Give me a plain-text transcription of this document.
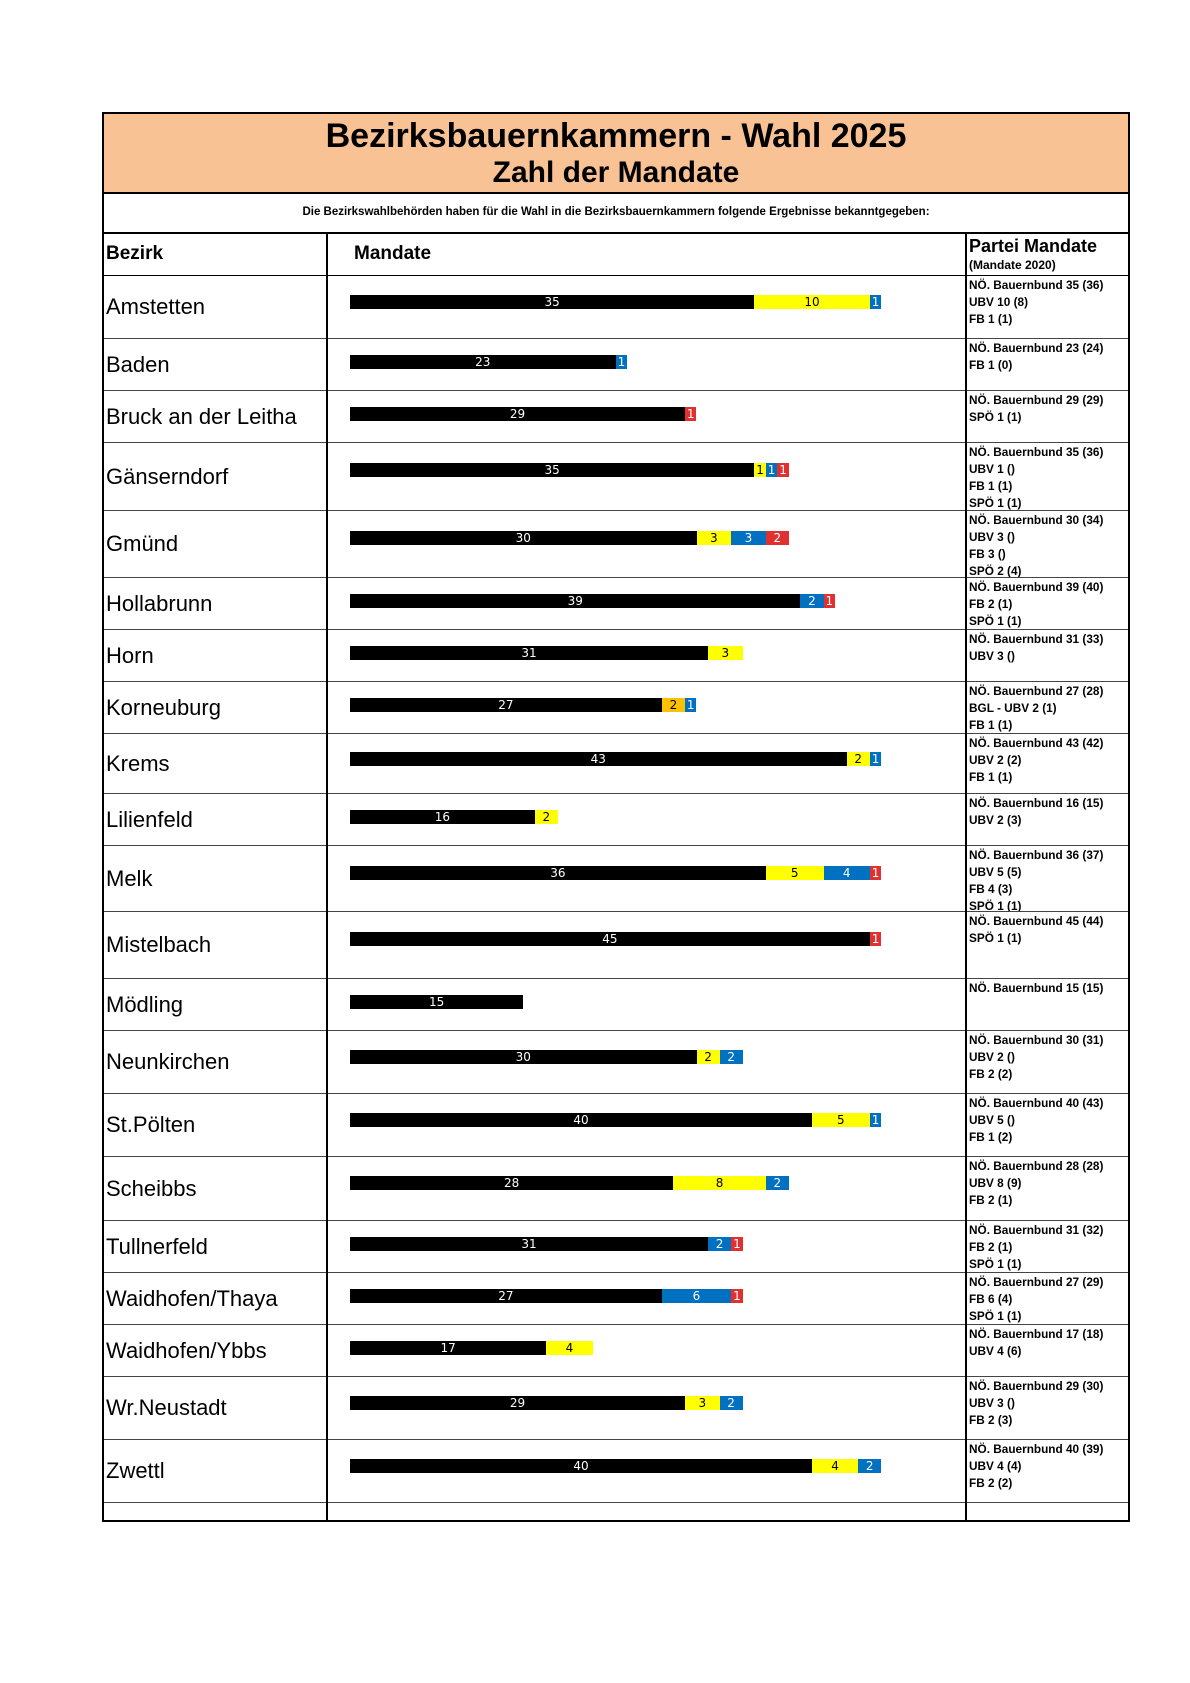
Bezirksbauernkammern - Wahl 2025
Zahl der Mandate
Die Bezirkswahlbehörden haben für die Wahl in die Bezirksbauernkammern folgende Ergebnisse bekanntgegeben:
Bezirk	Mandate	Partei Mandate
(Mandate 2020)
Amstetten	35	10	1
NÖ. Bauernbund 35 (36)
UBV 10 (8)
FB 1 (1)
Baden	23	1
NÖ. Bauernbund 23 (24)
FB 1 (0)
Bruck an der Leitha	29	1
NÖ. Bauernbund 29 (29)
SPÖ 1 (1)
Gänserndorf	35	1 1 1
NÖ. Bauernbund 35 (36)
UBV 1 ()
FB 1 (1)
SPÖ 1 (1)
Gmünd	30	3 3 2
NÖ. Bauernbund 30 (34)
UBV 3 ()
FB 3 ()
SPÖ 2 (4)
Hollabrunn	39	2 1
NÖ. Bauernbund 39 (40)
FB 2 (1)
SPÖ 1 (1)
Horn	31	3
NÖ. Bauernbund 31 (33)
UBV 3 ()
Korneuburg	27	2 1
NÖ. Bauernbund 27 (28)
BGL - UBV 2 (1)
FB 1 (1)
Krems	43	2 1
NÖ. Bauernbund 43 (42)
UBV 2 (2)
FB 1 (1)
Lilienfeld	16	2
NÖ. Bauernbund 16 (15)
UBV 2 (3)
Melk	36	5	4 1
NÖ. Bauernbund 36 (37)
UBV 5 (5)
FB 4 (3)
SPÖ 1 (1)
Mistelbach	45	1
NÖ. Bauernbund 45 (44)
SPÖ 1 (1)
Mödling	15
NÖ. Bauernbund 15 (15)
Neunkirchen	30	2 2
NÖ. Bauernbund 30 (31)
UBV 2 ()
FB 2 (2)
St.Pölten	40	5 1
NÖ. Bauernbund 40 (43)
UBV 5 ()
FB 1 (2)
Scheibbs	28	8	2
NÖ. Bauernbund 28 (28)
UBV 8 (9)
FB 2 (1)
Tullnerfeld	31	2 1
NÖ. Bauernbund 31 (32)
FB 2 (1)
SPÖ 1 (1)
Waidhofen/Thaya	27	6	1
NÖ. Bauernbund 27 (29)
FB 6 (4)
SPÖ 1 (1)
Waidhofen/Ybbs	17	4
NÖ. Bauernbund 17 (18)
UBV 4 (6)
Wr.Neustadt	29	3 2
NÖ. Bauernbund 29 (30)
UBV 3 ()
FB 2 (3)
Zwettl	40	4 2
NÖ. Bauernbund 40 (39)
UBV 4 (4)
FB 2 (2)
